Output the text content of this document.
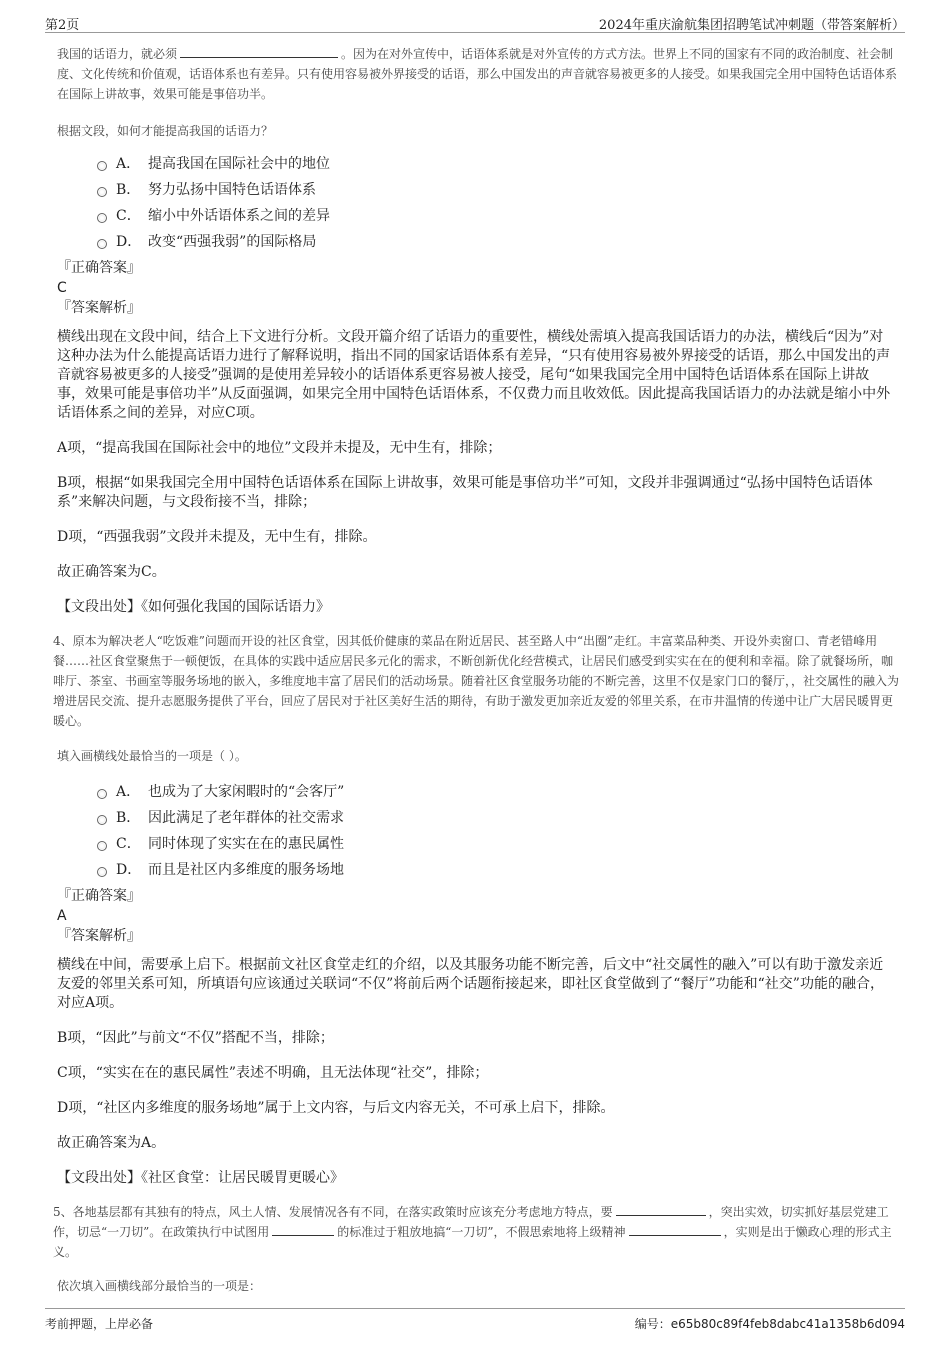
第2页	2024年重庆渝航集团招聘笔试冲刺题（带答案解析）

我国的话语力，就必须	。因为在对外宣传中，话语体系就是对外宣传的方式方法。世界上不同的国家有不同的政治制度、社会制度、文化传统和价值观，话语体系也有差异。只有使用容易被外界接受的话语，那么中国发出的声音就容易被更多的人接受。如果我国完全用中国特色话语体系在国际上讲故事，效果可能是事倍功半。

根据文段，如何才能提高我国的话语力？

A． 提高我国在国际社会中的地位
B． 努力弘扬中国特色话语体系
C． 缩小中外话语体系之间的差异
D． 改变“西强我弱”的国际格局

『正确答案』

C

『答案解析』

横线出现在文段中间，结合上下文进行分析。文段开篇介绍了话语力的重要性，横线处需填入提高我国话语力的办法，横线后“因为”对这种办法为什么能提高话语力进行了解释说明，指出不同的国家话语体系有差异，“只有使用容易被外界接受的话语，那么中国发出的声音就容易被更多的人接受”强调的是使用差异较小的话语体系更容易被人接受，尾句“如果我国完全用中国特色话语体系在国际上讲故事，效果可能是事倍功半”从反面强调，如果完全用中国特色话语体系，不仅费力而且收效低。因此提高我国话语力的办法就是缩小中外话语体系之间的差异，对应C项。

A项，“提高我国在国际社会中的地位”文段并未提及，无中生有，排除；

B项，根据“如果我国完全用中国特色话语体系在国际上讲故事，效果可能是事倍功半”可知，文段并非强调通过“弘扬中国特色话语体系”来解决问题，与文段衔接不当，排除；

D项，“西强我弱”文段并未提及，无中生有，排除。

故正确答案为C。

【文段出处】《如何强化我国的国际话语力》

4、原本为解决老人“吃饭难”问题而开设的社区食堂，因其低价健康的菜品在附近居民、甚至路人中“出圈”走红。丰富菜品种类、开设外卖窗口、青老错峰用餐……社区食堂聚焦于一顿便饭，在具体的实践中适应居民多元化的需求，不断创新优化经营模式，让居民们感受到实实在在的便利和幸福。除了就餐场所，咖啡厅、茶室、书画室等服务场地的嵌入，多维度地丰富了居民们的活动场景。随着社区食堂服务功能的不断完善，这里不仅是家门口的餐厅，，社交属性的融入为增进居民交流、提升志愿服务提供了平台，回应了居民对于社区美好生活的期待，有助于激发更加亲近友爱的邻里关系，在市井温情的传递中让广大居民暖胃更暖心。

填入画横线处最恰当的一项是（ ）。

A． 也成为了大家闲暇时的“会客厅”
B． 因此满足了老年群体的社交需求
C． 同时体现了实实在在的惠民属性
D． 而且是社区内多维度的服务场地

『正确答案』

A

『答案解析』

横线在中间，需要承上启下。根据前文社区食堂走红的介绍，以及其服务功能不断完善，后文中“社交属性的融入”可以有助于激发亲近友爱的邻里关系可知，所填语句应该通过关联词“不仅”将前后两个话题衔接起来，即社区食堂做到了“餐厅”功能和“社交”功能的融合，对应A项。

B项，“因此”与前文“不仅”搭配不当，排除；

C项，“实实在在的惠民属性”表述不明确，且无法体现“社交”，排除；

D项，“社区内多维度的服务场地”属于上文内容，与后文内容无关，不可承上启下，排除。

故正确答案为A。

【文段出处】《社区食堂：让居民暖胃更暖心》

5、各地基层都有其独有的特点，风土人情、发展情况各有不同，在落实政策时应该充分考虑地方特点，要	，突出实效，切实抓好基层党建工作，切忌“一刀切”。在政策执行中试图用	的标准过于粗放地搞“一刀切”，不假思索地将上级精神	，实则是出于懒政心理的形式主义。

依次填入画横线部分最恰当的一项是：

考前押题，上岸必备	编号：e65b80c89f4feb8dabc41a1358b6d094
